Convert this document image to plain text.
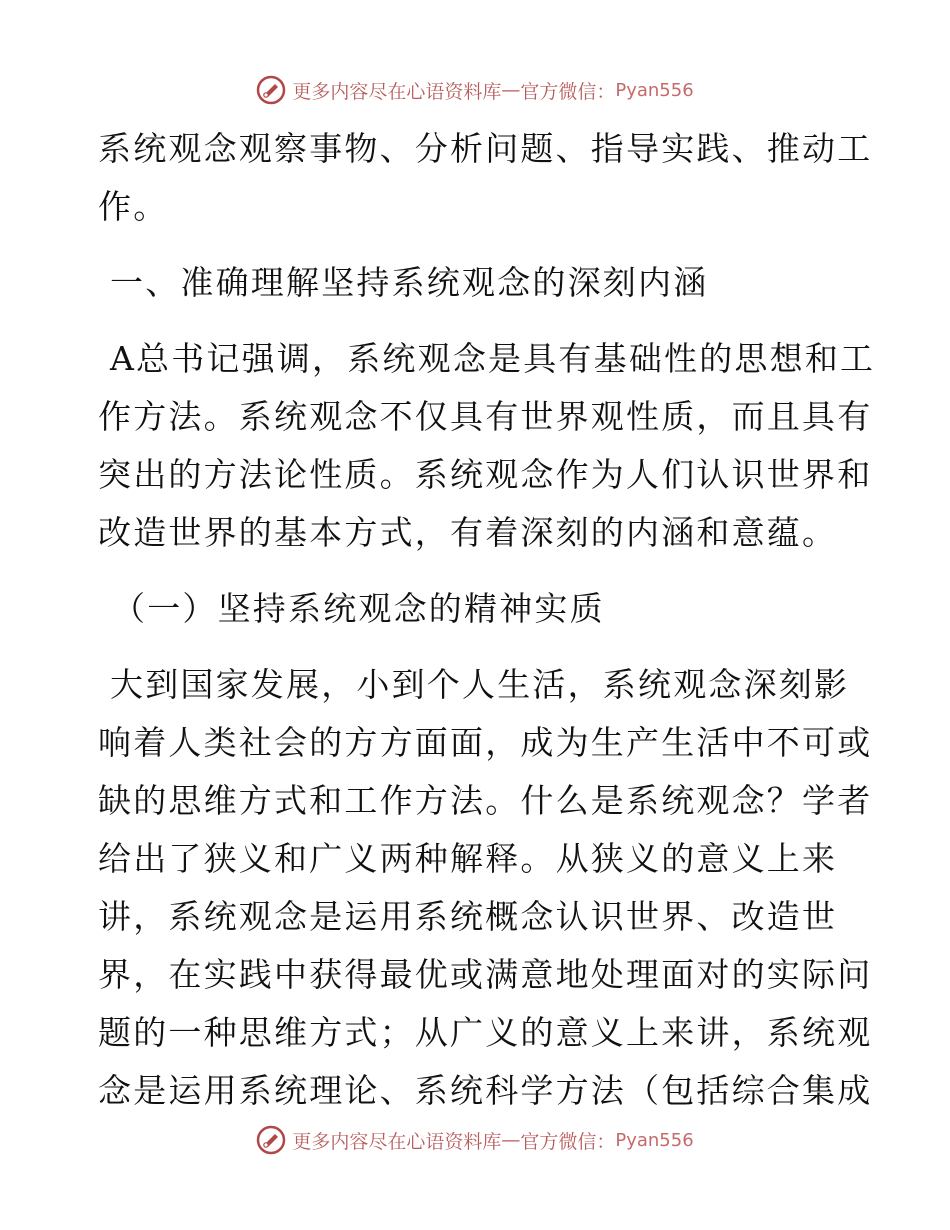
更多内容尽在心语资料库 — 官方微信： Pyan556
系统观念观察事物、分析问题、指导实践、推动工
作。
一、准确理解坚持系统观念的深刻内涵
A总书记强调，系统观念是具有基础性的思想和工
作方法。系统观念不仅具有世界观性质，而且具有
突出的方法论性质。系统观念作为人们认识世界和
改造世界的基本方式，有着深刻的内涵和意蕴。
（一）坚持系统观念的精神实质
大到国家发展，小到个人生活，系统观念深刻影
响着人类社会的方方面面，成为生产生活中不可或
缺的思维方式和工作方法。什么是系统观念？学者
给出了狭义和广义两种解释。从狭义的意义上来
讲，系统观念是运用系统概念认识世界、改造世
界，在实践中获得最优或满意地处理面对的实际问
题的一种思维方式；从广义的意义上来讲，系统观
念是运用系统理论、系统科学方法（包括综合集成
更多内容尽在心语资料库 — 官方微信： Pyan556
